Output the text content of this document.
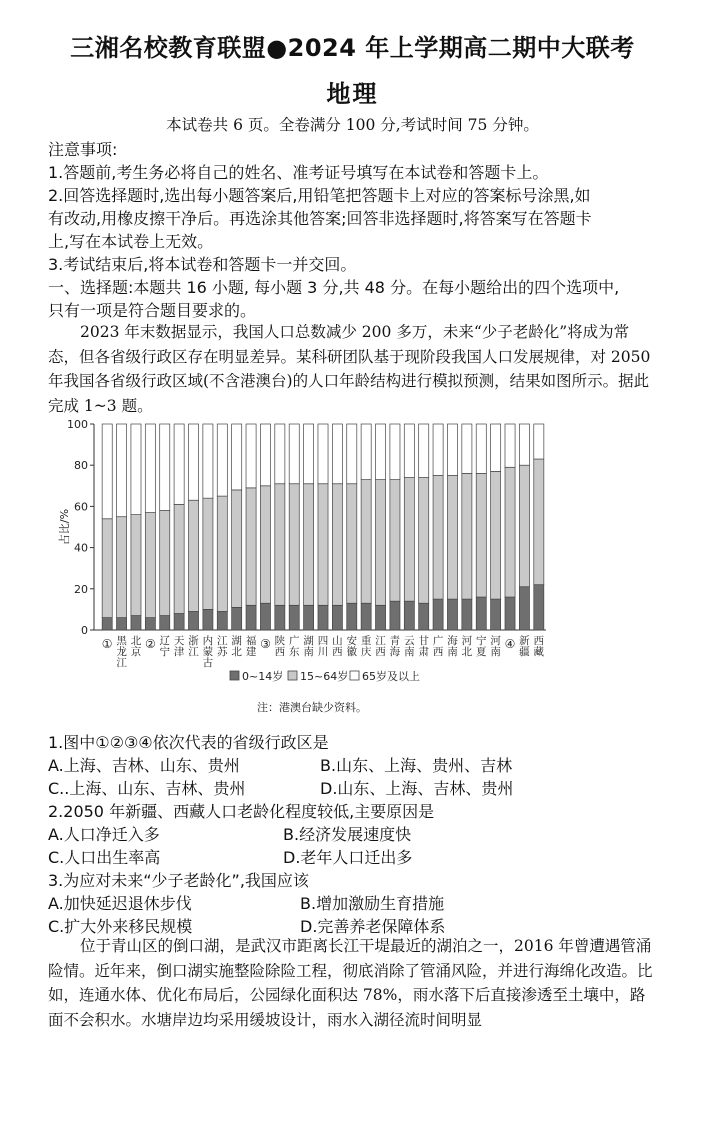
三湘名校教育联盟●2024 年上学期高二期中大联考
地理
本试卷共 6 页。全卷满分 100 分,考试时间 75 分钟。
注意事项:
1.答题前,考生务必将自己的姓名、准考证号填写在本试卷和答题卡上。
2.回答选择题时,选出每小题答案后,用铅笔把答题卡上对应的答案标号涂黑,如
有改动,用橡皮擦干净后。再选涂其他答案;回答非选择题时,将答案写在答题卡
上,写在本试卷上无效。
3.考试结束后,将本试卷和答题卡一并交回。
一、选择题:本题共 16 小题, 每小题 3 分,共 48 分。在每小题给出的四个选项中,
只有一项是符合题目要求的。
2023 年末数据显示，我国人口总数减少 200 多万，未来“少子老龄化”将成为常态，但各省级行政区存在明显差异。某科研团队基于现阶段我国人口发展规律，对 2050 年我国各省级行政区域(不含港澳台)的人口年龄结构进行模拟预测，结果如图所示。据此完成 1~3 题。
0
20
40
60
80
100
占比/%
① 黑龙江
北京
② 辽宁
天津
浙江
内蒙古
江苏
湖北
福建
③ 陕西
广东
湖南
四川
山西
安徽
重庆
江西
青海
云南
甘肃
广西
海南
河北
宁夏
河南
④ 新疆
西藏
0~14岁 15~64岁 65岁及以上
注：港澳台缺少资料。
1.图中①②③④依次代表的省级行政区是
A.上海、吉林、山东、贵州	B.山东、上海、贵州、吉林
C..上海、山东、吉林、贵州	D.山东、上海、吉林、贵州
2.2050 年新疆、西藏人口老龄化程度较低,主要原因是
A.人口净迁入多	B.经济发展速度快
C.人口出生率高	D.老年人口迁出多
3.为应对未来“少子老龄化”,我国应该
A.加快延迟退休步伐	B.增加激励生育措施
C.扩大外来移民规模	D.完善养老保障体系
位于青山区的倒口湖，是武汉市距离长江干堤最近的湖泊之一，2016 年曾遭遇管涌险情。近年来，倒口湖实施整险除险工程，彻底消除了管涌风险，并进行海绵化改造。比如，连通水体、优化布局后，公园绿化面积达 78%，雨水落下后直接渗透至土壤中，路面不会积水。水塘岸边均采用缓坡设计，雨水入湖径流时间明显
